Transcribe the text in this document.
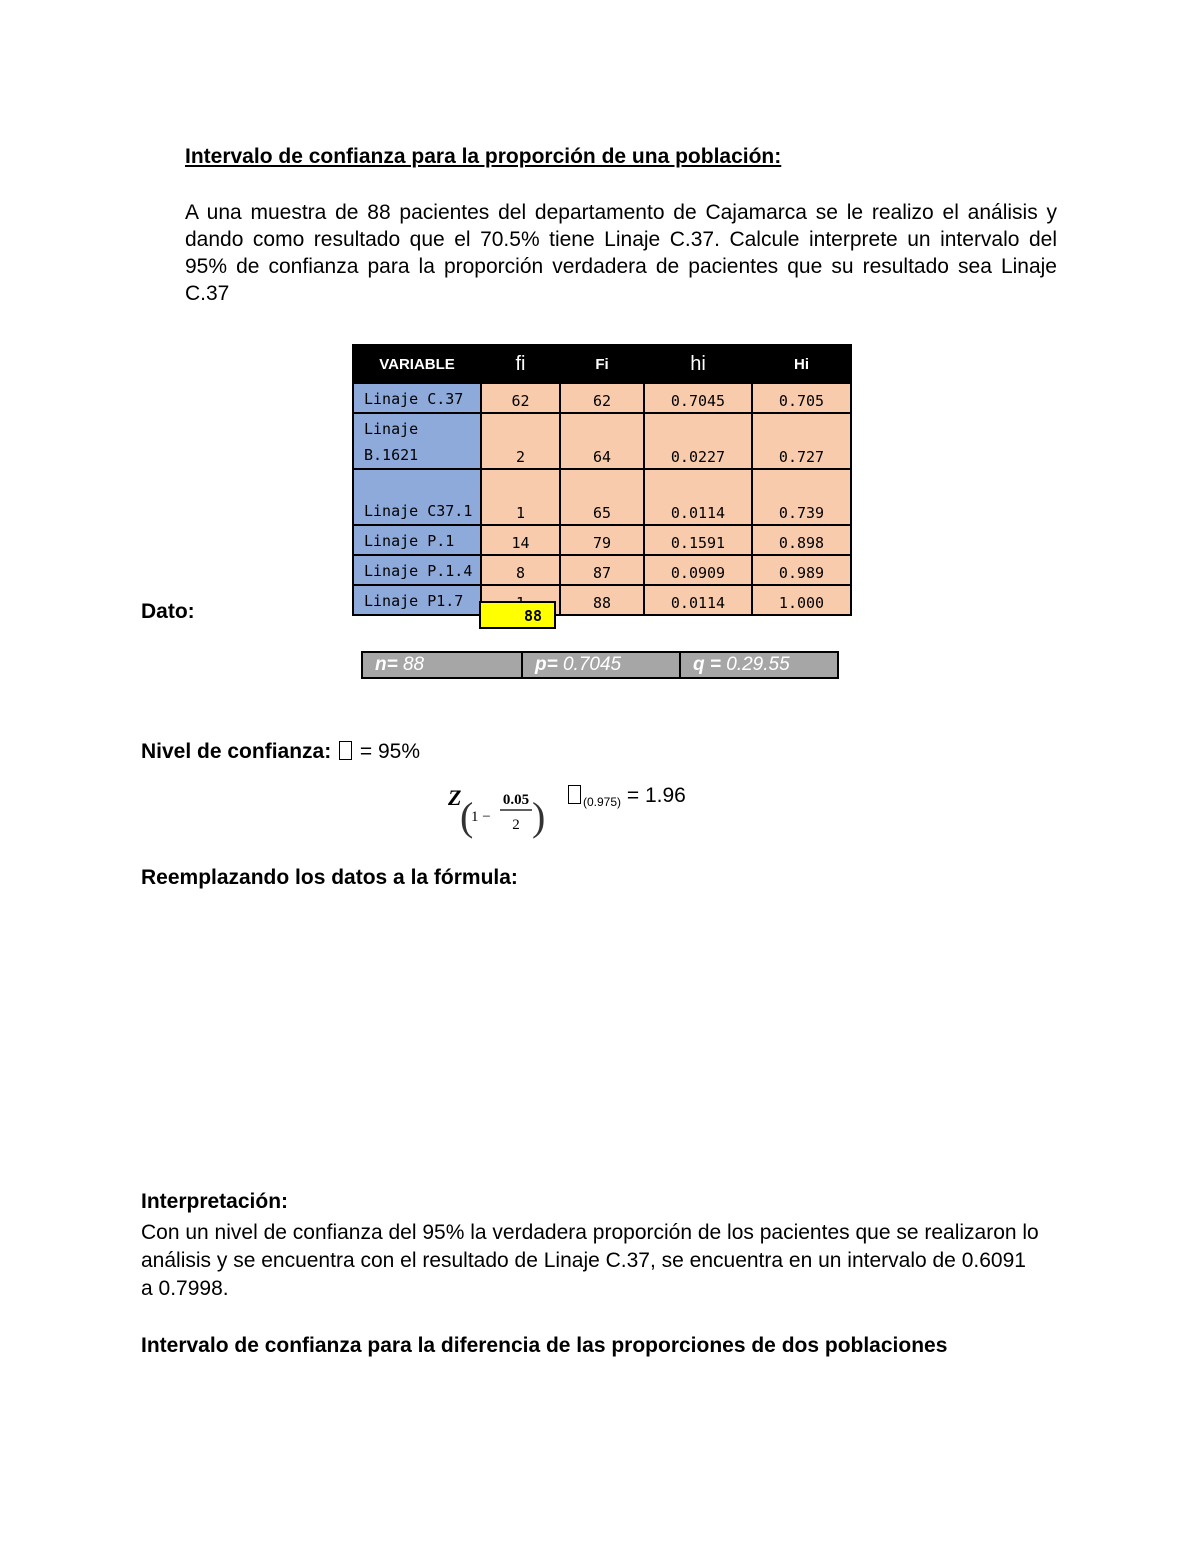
Intervalo de confianza para la proporción de una población:
A una muestra de 88 pacientes del departamento de Cajamarca se le realizo el análisis y dando como resultado que el 70.5% tiene Linaje C.37. Calcule interprete un intervalo del 95% de confianza para la proporción verdadera de pacientes que su resultado sea Linaje C.37
VARIABLE	fi	Fi	hi	Hi
Linaje C.37	62	62	0.7045	0.705
Linaje B.1621	2	64	0.0227	0.727
Linaje C37.1	1	65	0.0114	0.739
Linaje P.1	14	79	0.1591	0.898
Linaje P.1.4	8	87	0.0909	0.989
Linaje P1.7		88	0.0114	1.000
Dato:	88
n= 88	p= 0.7045	q = 0.29.55
Nivel de confianza:  = 95%
Z
(
1 −
0.05
2 )	$_{(0.975)}$ = 1.96
Reemplazando los datos a la fórmula:
Interpretación:
Con un nivel de confianza del 95% la verdadera proporción de los pacientes que se realizaron lo análisis y se encuentra con el resultado de Linaje C.37, se encuentra en un intervalo de 0.6091 a 0.7998.
Intervalo de confianza para la diferencia de las proporciones de dos poblaciones
